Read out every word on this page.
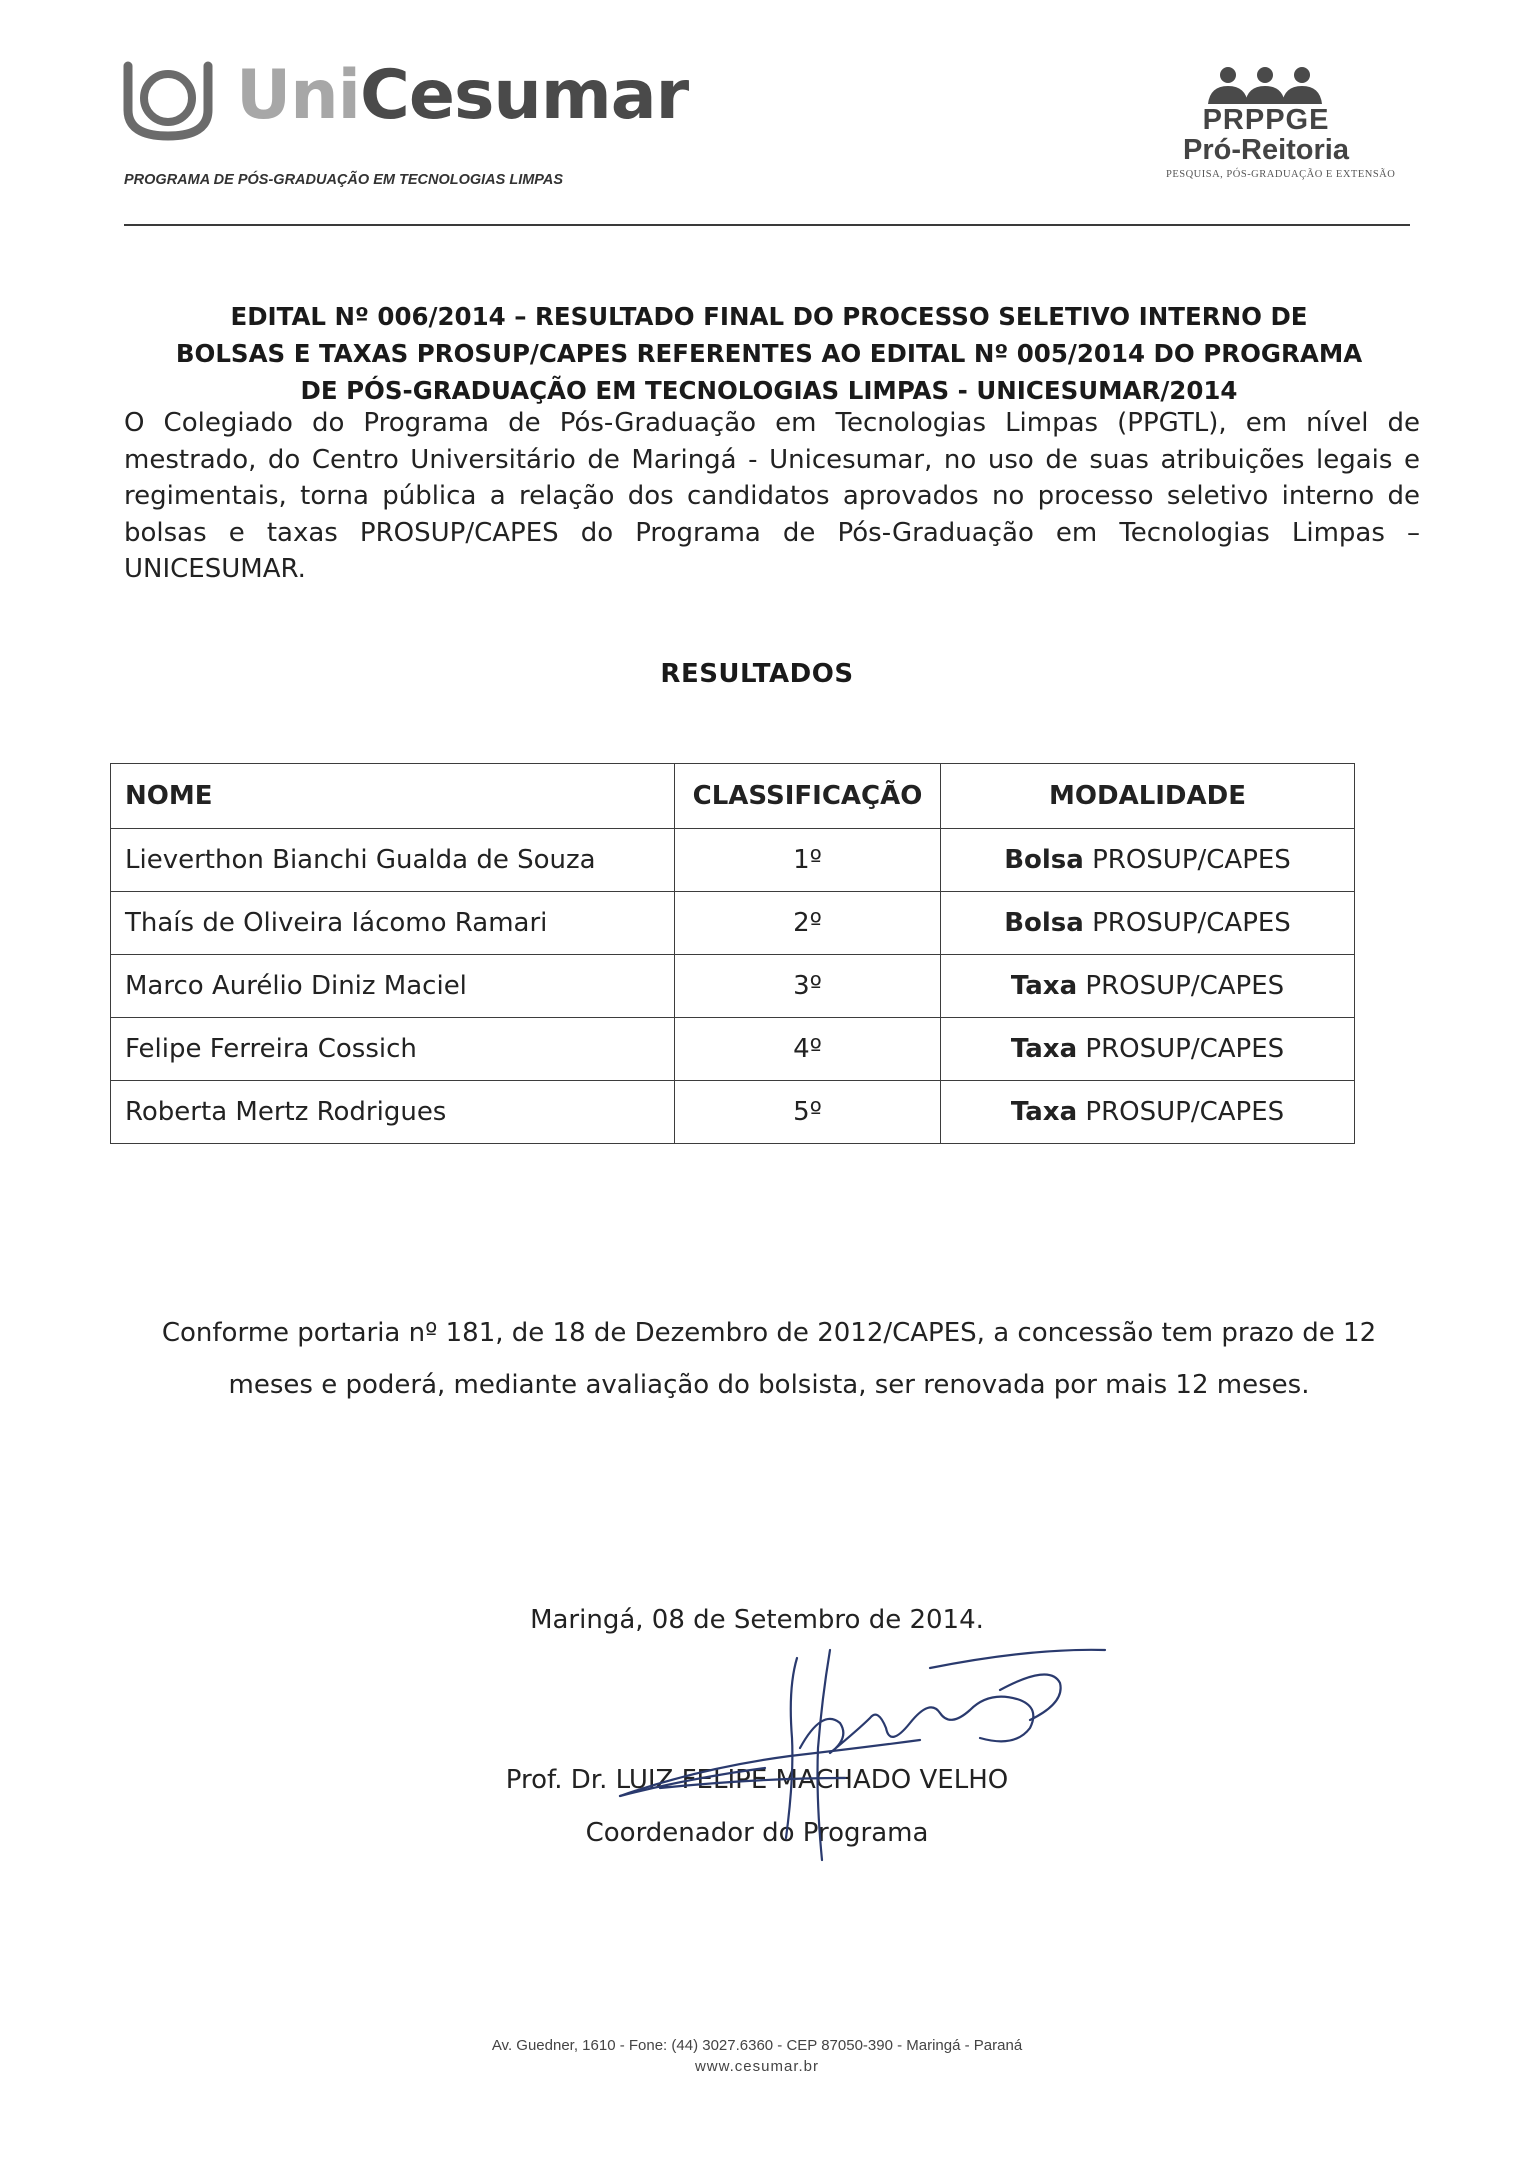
UniCesumar
PROGRAMA DE PÓS-GRADUAÇÃO EM TECNOLOGIAS LIMPAS
PRPPGE
Pró-Reitoria
PESQUISA, PÓS-GRADUAÇÃO E EXTENSÃO
EDITAL Nº 006/2014 – RESULTADO FINAL DO PROCESSO SELETIVO INTERNO DE
BOLSAS E TAXAS PROSUP/CAPES REFERENTES AO EDITAL Nº 005/2014 DO PROGRAMA
DE PÓS-GRADUAÇÃO EM TECNOLOGIAS LIMPAS - UNICESUMAR/2014
O Colegiado do Programa de Pós-Graduação em Tecnologias Limpas (PPGTL), em nível de mestrado, do Centro Universitário de Maringá - Unicesumar, no uso de suas atribuições legais e regimentais, torna pública a relação dos candidatos aprovados no processo seletivo interno de bolsas e taxas PROSUP/CAPES do Programa de Pós-Graduação em Tecnologias Limpas – UNICESUMAR.
RESULTADOS
NOME	CLASSIFICAÇÃO	MODALIDADE
Lieverthon Bianchi Gualda de Souza	1º	Bolsa PROSUP/CAPES
Thaís de Oliveira Iácomo Ramari	2º	Bolsa PROSUP/CAPES
Marco Aurélio Diniz Maciel	3º	Taxa PROSUP/CAPES
Felipe Ferreira Cossich	4º	Taxa PROSUP/CAPES
Roberta Mertz Rodrigues	5º	Taxa PROSUP/CAPES
Conforme portaria nº 181, de 18 de Dezembro de 2012/CAPES, a concessão tem prazo de 12
meses e poderá, mediante avaliação do bolsista, ser renovada por mais 12 meses.
Maringá, 08 de Setembro de 2014.
Prof. Dr. LUIZ FELIPE MACHADO VELHO
Coordenador do Programa
Av. Guedner, 1610 - Fone: (44) 3027.6360 - CEP 87050-390 - Maringá - Paraná
www.cesumar.br
